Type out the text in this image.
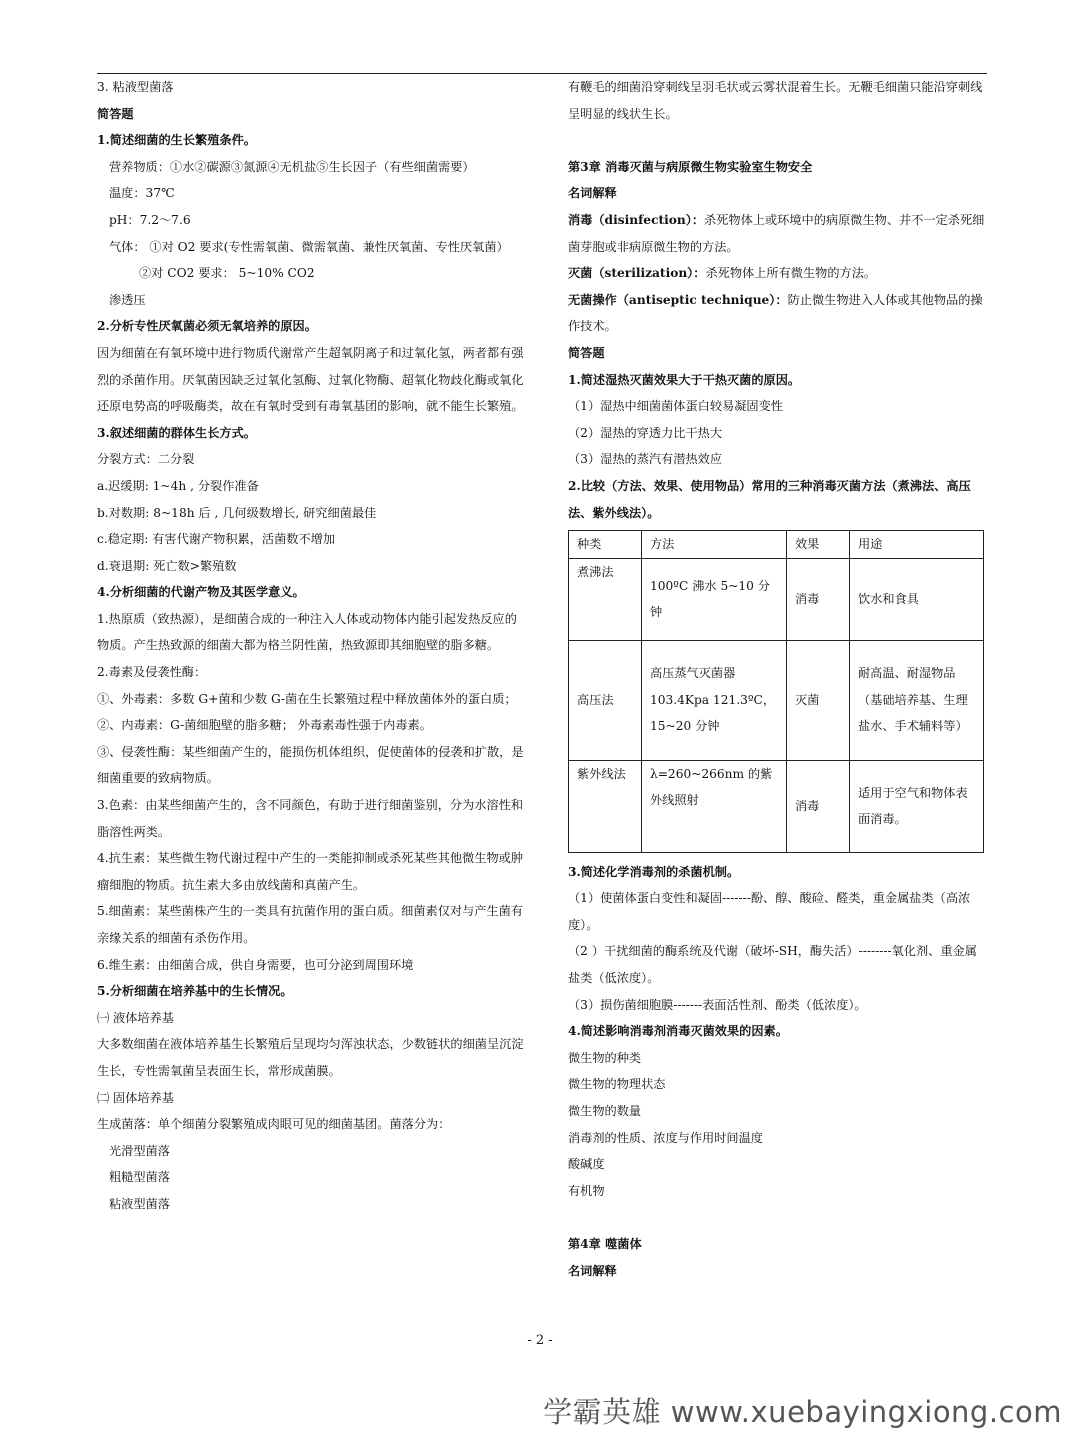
3. 粘液型菌落

简答题

1.简述细菌的生长繁殖条件。

营养物质：①水②碳源③氮源④无机盐⑤生长因子（有些细菌需要）

温度：37℃

pH：7.2～7.6

气体： ①对 O2 要求(专性需氧菌、微需氧菌、兼性厌氧菌、专性厌氧菌）

②对 CO2 要求： 5~10% CO2

渗透压

2.分析专性厌氧菌必须无氧培养的原因。

因为细菌在有氧环境中进行物质代谢常产生超氧阴离子和过氧化氢，两者都有强烈的杀菌作用。厌氧菌因缺乏过氧化氢酶、过氧化物酶、超氧化物歧化酶或氧化还原电势高的呼吸酶类，故在有氧时受到有毒氧基团的影响，就不能生长繁殖。

3.叙述细菌的群体生长方式。

分裂方式：二分裂

a.迟缓期: 1~4h , 分裂作准备

b.对数期: 8~18h 后 , 几何级数增长, 研究细菌最佳

c.稳定期: 有害代谢产物积累，活菌数不增加

d.衰退期: 死亡数>繁殖数

4.分析细菌的代谢产物及其医学意义。

1.热原质（致热源），是细菌合成的一种注入人体或动物体内能引起发热反应的物质。产生热致源的细菌大都为格兰阴性菌，热致源即其细胞壁的脂多糖。

2.毒素及侵袭性酶：

①、外毒素：多数 G+菌和少数 G-菌在生长繁殖过程中释放菌体外的蛋白质；

②、内毒素：G-菌细胞壁的脂多糖； 外毒素毒性强于内毒素。

③、侵袭性酶：某些细菌产生的，能损伤机体组织，促使菌体的侵袭和扩散，是细菌重要的致病物质。

3.色素：由某些细菌产生的，含不同颜色，有助于进行细菌鉴别，分为水溶性和脂溶性两类。

4.抗生素：某些微生物代谢过程中产生的一类能抑制或杀死某些其他微生物或肿瘤细胞的物质。抗生素大多由放线菌和真菌产生。

5.细菌素：某些菌株产生的一类具有抗菌作用的蛋白质。细菌素仅对与产生菌有亲缘关系的细菌有杀伤作用。

6.维生素：由细菌合成，供自身需要，也可分泌到周围环境

5.分析细菌在培养基中的生长情况。

㈠ 液体培养基

大多数细菌在液体培养基生长繁殖后呈现均匀浑浊状态，少数链状的细菌呈沉淀生长，专性需氧菌呈表面生长，常形成菌膜。

㈡ 固体培养基

生成菌落：单个细菌分裂繁殖成肉眼可见的细菌基团。菌落分为：

光滑型菌落

粗糙型菌落

粘液型菌落

有鞭毛的细菌沿穿刺线呈羽毛状或云雾状混着生长。无鞭毛细菌只能沿穿刺线呈明显的线状生长。

第3章 消毒灭菌与病原微生物实验室生物安全

名词解释

消毒（disinfection）：杀死物体上或环境中的病原微生物、并不一定杀死细菌芽胞或非病原微生物的方法。

灭菌（sterilization）：杀死物体上所有微生物的方法。

无菌操作（antiseptic technique）：防止微生物进入人体或其他物品的操作技术。

简答题

1.简述湿热灭菌效果大于干热灭菌的原因。

（1）湿热中细菌菌体蛋白较易凝固变性

（2）湿热的穿透力比干热大

（3）湿热的蒸汽有潜热效应

2.比较（方法、效果、使用物品）常用的三种消毒灭菌方法（煮沸法、高压法、紫外线法）。

种类	方法	效果	用途
煮沸法	100ºC 沸水 5~10 分钟	消毒	饮水和食具
高压法	高压蒸气灭菌器 103.4Kpa 121.3ºC，15~20 分钟	灭菌	耐高温、耐湿物品（基础培养基、生理盐水、手术辅料等）
紫外线法	λ=260~266nm 的紫外线照射	消毒	适用于空气和物体表面消毒。

3.简述化学消毒剂的杀菌机制。

（1）使菌体蛋白变性和凝固-------酚、醇、酸硷、醛类，重金属盐类（高浓度）。

（2 ）干扰细菌的酶系统及代谢（破坏-SH，酶失活）--------氧化剂、重金属盐类（低浓度）。

（3）损伤菌细胞膜-------表面活性剂、酚类（低浓度）。

4.简述影响消毒剂消毒灭菌效果的因素。

微生物的种类

微生物的物理状态

微生物的数量

消毒剂的性质、浓度与作用时间温度

酸碱度

有机物

第4章 噬菌体

名词解释

- 2 -
学霸英雄 www.xuebayingxiong.com
